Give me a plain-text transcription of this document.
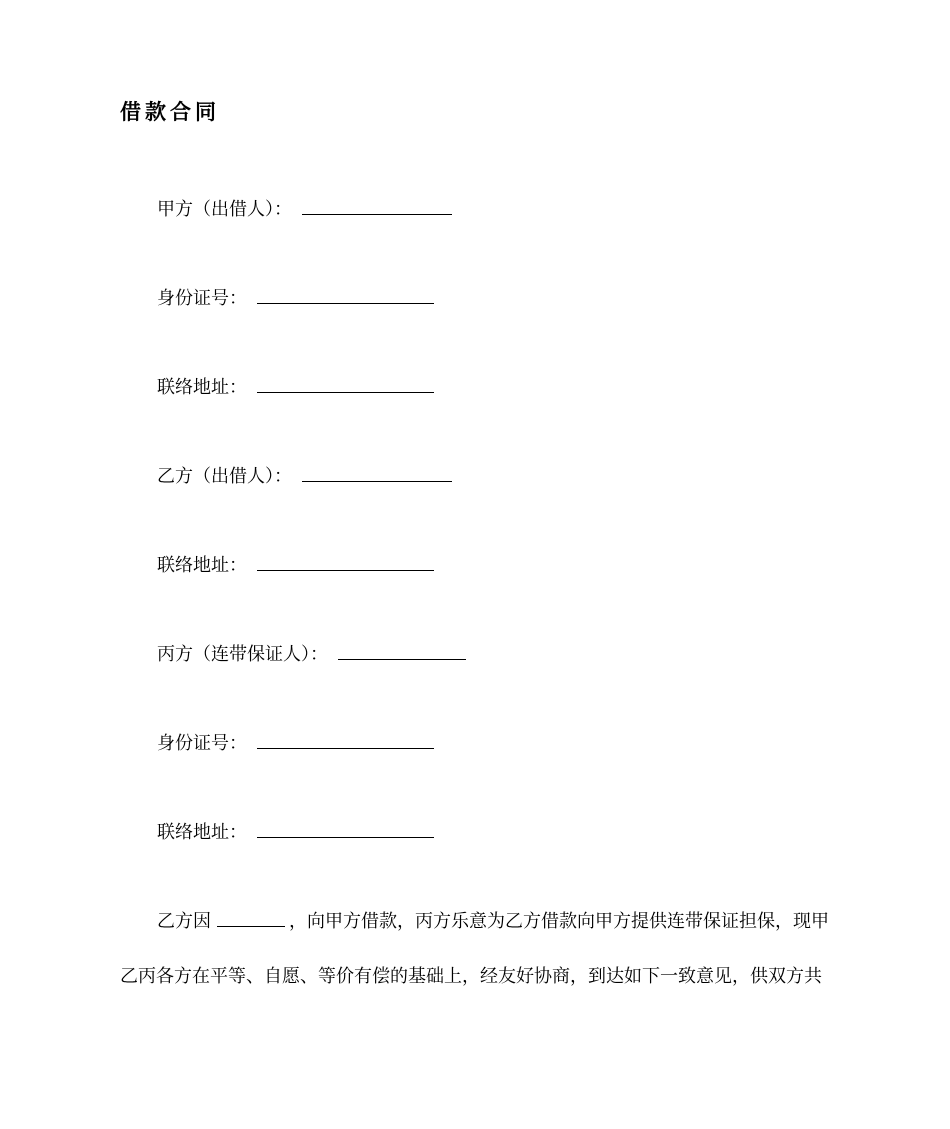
借款合同
甲方（出借人）：
身份证号：
联络地址：
乙方（出借人）：
联络地址：
丙方（连带保证人）：
身份证号：
联络地址：
乙方因	，向甲方借款，丙方乐意为乙方借款向甲方提供连带保证担保，现甲
乙丙各方在平等、自愿、等价有偿的基础上，经友好协商，到达如下一致意见，供双方共
